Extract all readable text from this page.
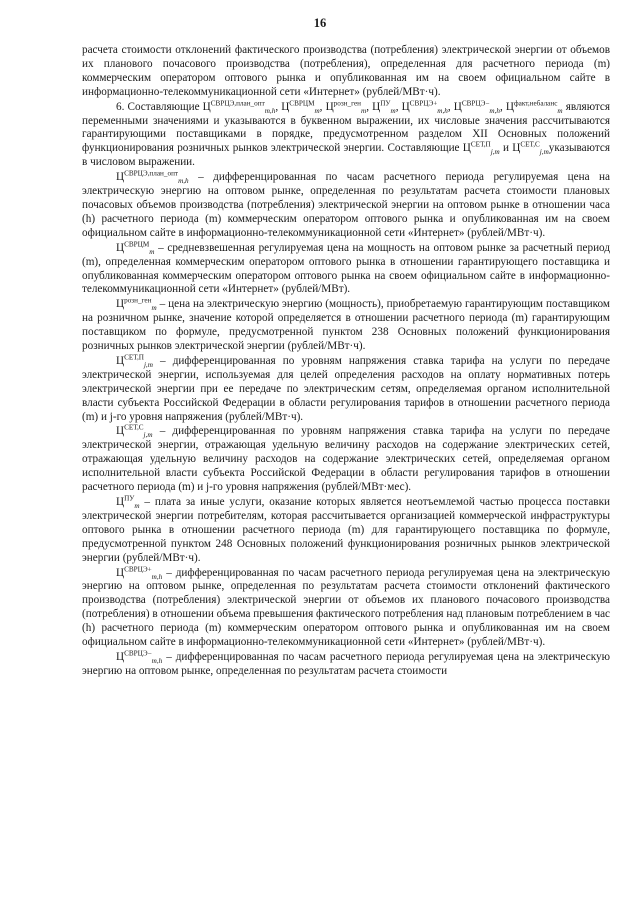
16

расчета стоимости отклонений фактического производства (потребления) электрической энергии от объемов их планового почасового производства (потребления), определенная для расчетного периода (m) коммерческим оператором оптового рынка и опубликованная им на своем официальном сайте в информационно-телекоммуникационной сети «Интернет» (рублей/МВт·ч).

6. Составляющие $Ц^{СВРЦЭ,план\_опт}_{m,h}$, $Ц^{СВРЦМ}_m$, $Ц^{розн\_ген}_m$, $Ц^{ПУ}_m$, $Ц^{СВРЦЭ+}_{m,h}$, $Ц^{СВРЦЭ-}_{m,h}$, $Ц^{факт,небаланс}_m$ являются переменными значениями и указываются в буквенном выражении, их числовые значения рассчитываются гарантирующими поставщиками в порядке, предусмотренном разделом XII Основных положений функционирования розничных рынков электрической энергии. Составляющие $Ц^{СЕТ,П}_{j,m}$ и $Ц^{СЕТ,С}_{j,m}указываются$ в числовом выражении.

$Ц^{СВРЦЭ,план\_опт}_{m,h}$ – дифференцированная по часам расчетного периода регулируемая цена на электрическую энергию на оптовом рынке, определенная по результатам расчета стоимости плановых почасовых объемов производства (потребления) электрической энергии на оптовом рынке в отношении часа (h) расчетного периода (m) коммерческим оператором оптового рынка и опубликованная им на своем официальном сайте в информационно-телекоммуникационной сети «Интернет» (рублей/МВт·ч).

$Ц^{СВРЦМ}_m$ – средневзвешенная регулируемая цена на мощность на оптовом рынке за расчетный период (m), определенная коммерческим оператором оптового рынка в отношении гарантирующего поставщика и опубликованная коммерческим оператором оптового рынка на своем официальном сайте в информационно-телекоммуникационной сети «Интернет» (рублей/МВт).

$Ц^{розн\_ген}_m$ – цена на электрическую энергию (мощность), приобретаемую гарантирующим поставщиком на розничном рынке, значение которой определяется в отношении расчетного периода (m) гарантирующим поставщиком по формуле, предусмотренной пунктом 238 Основных положений функционирования розничных рынков электрической энергии (рублей/МВт·ч).

$Ц^{СЕТ,П}_{j,m}$ – дифференцированная по уровням напряжения ставка тарифа на услуги по передаче электрической энергии, используемая для целей определения расходов на оплату нормативных потерь электрической энергии при ее передаче по электрическим сетям, определяемая органом исполнительной власти субъекта Российской Федерации в области регулирования тарифов в отношении расчетного периода (m) и j-го уровня напряжения (рублей/МВт·ч).

$Ц^{СЕТ,С}_{j,m}$ – дифференцированная по уровням напряжения ставка тарифа на услуги по передаче электрической энергии, отражающая удельную величину расходов на содержание электрических сетей, отражающая удельную величину расходов на содержание электрических сетей, определяемая органом исполнительной власти субъекта Российской Федерации в области регулирования тарифов в отношении расчетного периода (m) и j-го уровня напряжения (рублей/МВт·мес).

$Ц^{ПУ}_m$ – плата за иные услуги, оказание которых является неотъемлемой частью процесса поставки электрической энергии потребителям, которая рассчитывается организацией коммерческой инфраструктуры оптового рынка в отношении расчетного периода (m) для гарантирующего поставщика по формуле, предусмотренной пунктом 248 Основных положений функционирования розничных рынков электрической энергии (рублей/МВт·ч).

$Ц^{СВРЦЭ+}_{m,h}$ – дифференцированная по часам расчетного периода регулируемая цена на электрическую энергию на оптовом рынке, определенная по результатам расчета стоимости отклонений фактического производства (потребления) электрической энергии от объемов их планового почасового производства (потребления) в отношении объема превышения фактического потребления над плановым потреблением в час (h) расчетного периода (m) коммерческим оператором оптового рынка и опубликованная им на своем официальном сайте в информационно-телекоммуникационной сети «Интернет» (рублей/МВт·ч).

$Ц^{СВРЦЭ-}_{m,h}$ – дифференцированная по часам расчетного периода регулируемая цена на электрическую энергию на оптовом рынке, определенная по результатам расчета стоимости
